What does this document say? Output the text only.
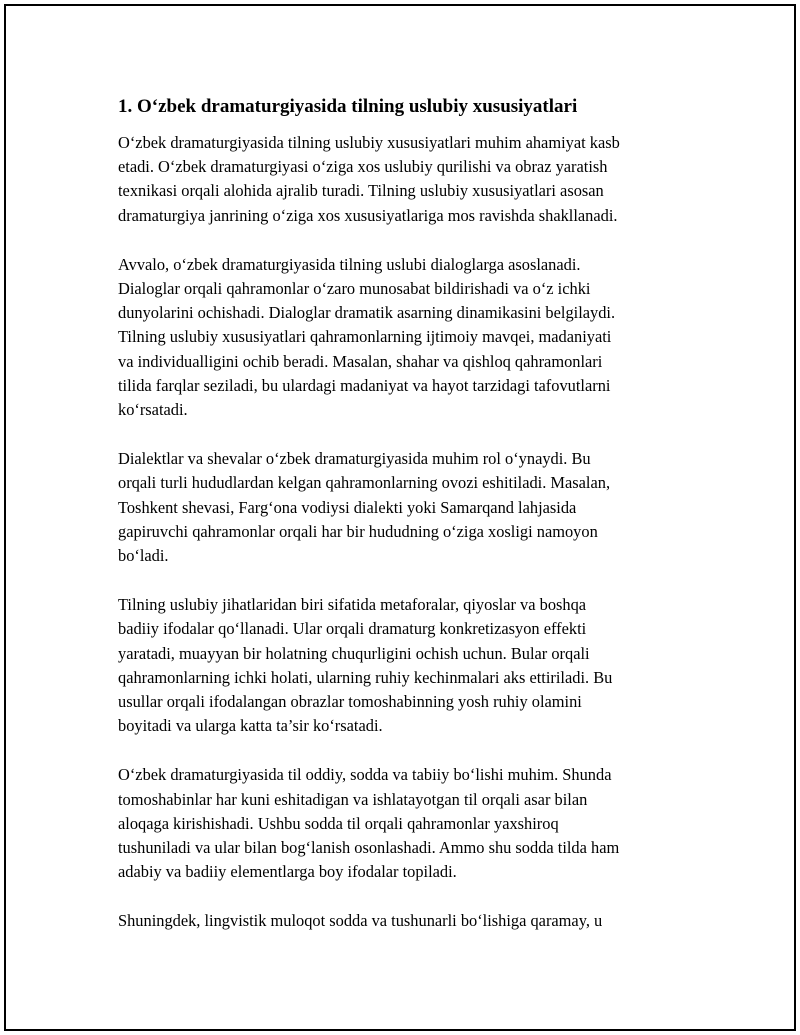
1. O‘zbek dramaturgiyasida tilning uslubiy xususiyatlari
O‘zbek dramaturgiyasida tilning uslubiy xususiyatlari muhim ahamiyat kasb
etadi. O‘zbek dramaturgiyasi o‘ziga xos uslubiy qurilishi va obraz yaratish
texnikasi orqali alohida ajralib turadi. Tilning uslubiy xususiyatlari asosan
dramaturgiya janrining o‘ziga xos xususiyatlariga mos ravishda shakllanadi.
Avvalo, o‘zbek dramaturgiyasida tilning uslubi dialoglarga asoslanadi.
Dialoglar orqali qahramonlar o‘zaro munosabat bildirishadi va o‘z ichki
dunyolarini ochishadi. Dialoglar dramatik asarning dinamikasini belgilaydi.
Tilning uslubiy xususiyatlari qahramonlarning ijtimoiy mavqei, madaniyati
va individualligini ochib beradi. Masalan, shahar va qishloq qahramonlari
tilida farqlar seziladi, bu ulardagi madaniyat va hayot tarzidagi tafovutlarni
ko‘rsatadi.
Dialektlar va shevalar o‘zbek dramaturgiyasida muhim rol o‘ynaydi. Bu
orqali turli hududlardan kelgan qahramonlarning ovozi eshitiladi. Masalan,
Toshkent shevasi, Farg‘ona vodiysi dialekti yoki Samarqand lahjasida
gapiruvchi qahramonlar orqali har bir hududning o‘ziga xosligi namoyon
bo‘ladi.
Tilning uslubiy jihatlaridan biri sifatida metaforalar, qiyoslar va boshqa
badiiy ifodalar qo‘llanadi. Ular orqali dramaturg konkretizasyon effekti
yaratadi, muayyan bir holatning chuqurligini ochish uchun. Bular orqali
qahramonlarning ichki holati, ularning ruhiy kechinmalari aks ettiriladi. Bu
usullar orqali ifodalangan obrazlar tomoshabinning yosh ruhiy olamini
boyitadi va ularga katta ta’sir ko‘rsatadi.
O‘zbek dramaturgiyasida til oddiy, sodda va tabiiy bo‘lishi muhim. Shunda
tomoshabinlar har kuni eshitadigan va ishlatayotgan til orqali asar bilan
aloqaga kirishishadi. Ushbu sodda til orqali qahramonlar yaxshiroq
tushuniladi va ular bilan bog‘lanish osonlashadi. Ammo shu sodda tilda ham
adabiy va badiiy elementlarga boy ifodalar topiladi.
Shuningdek, lingvistik muloqot sodda va tushunarli bo‘lishiga qaramay, u
